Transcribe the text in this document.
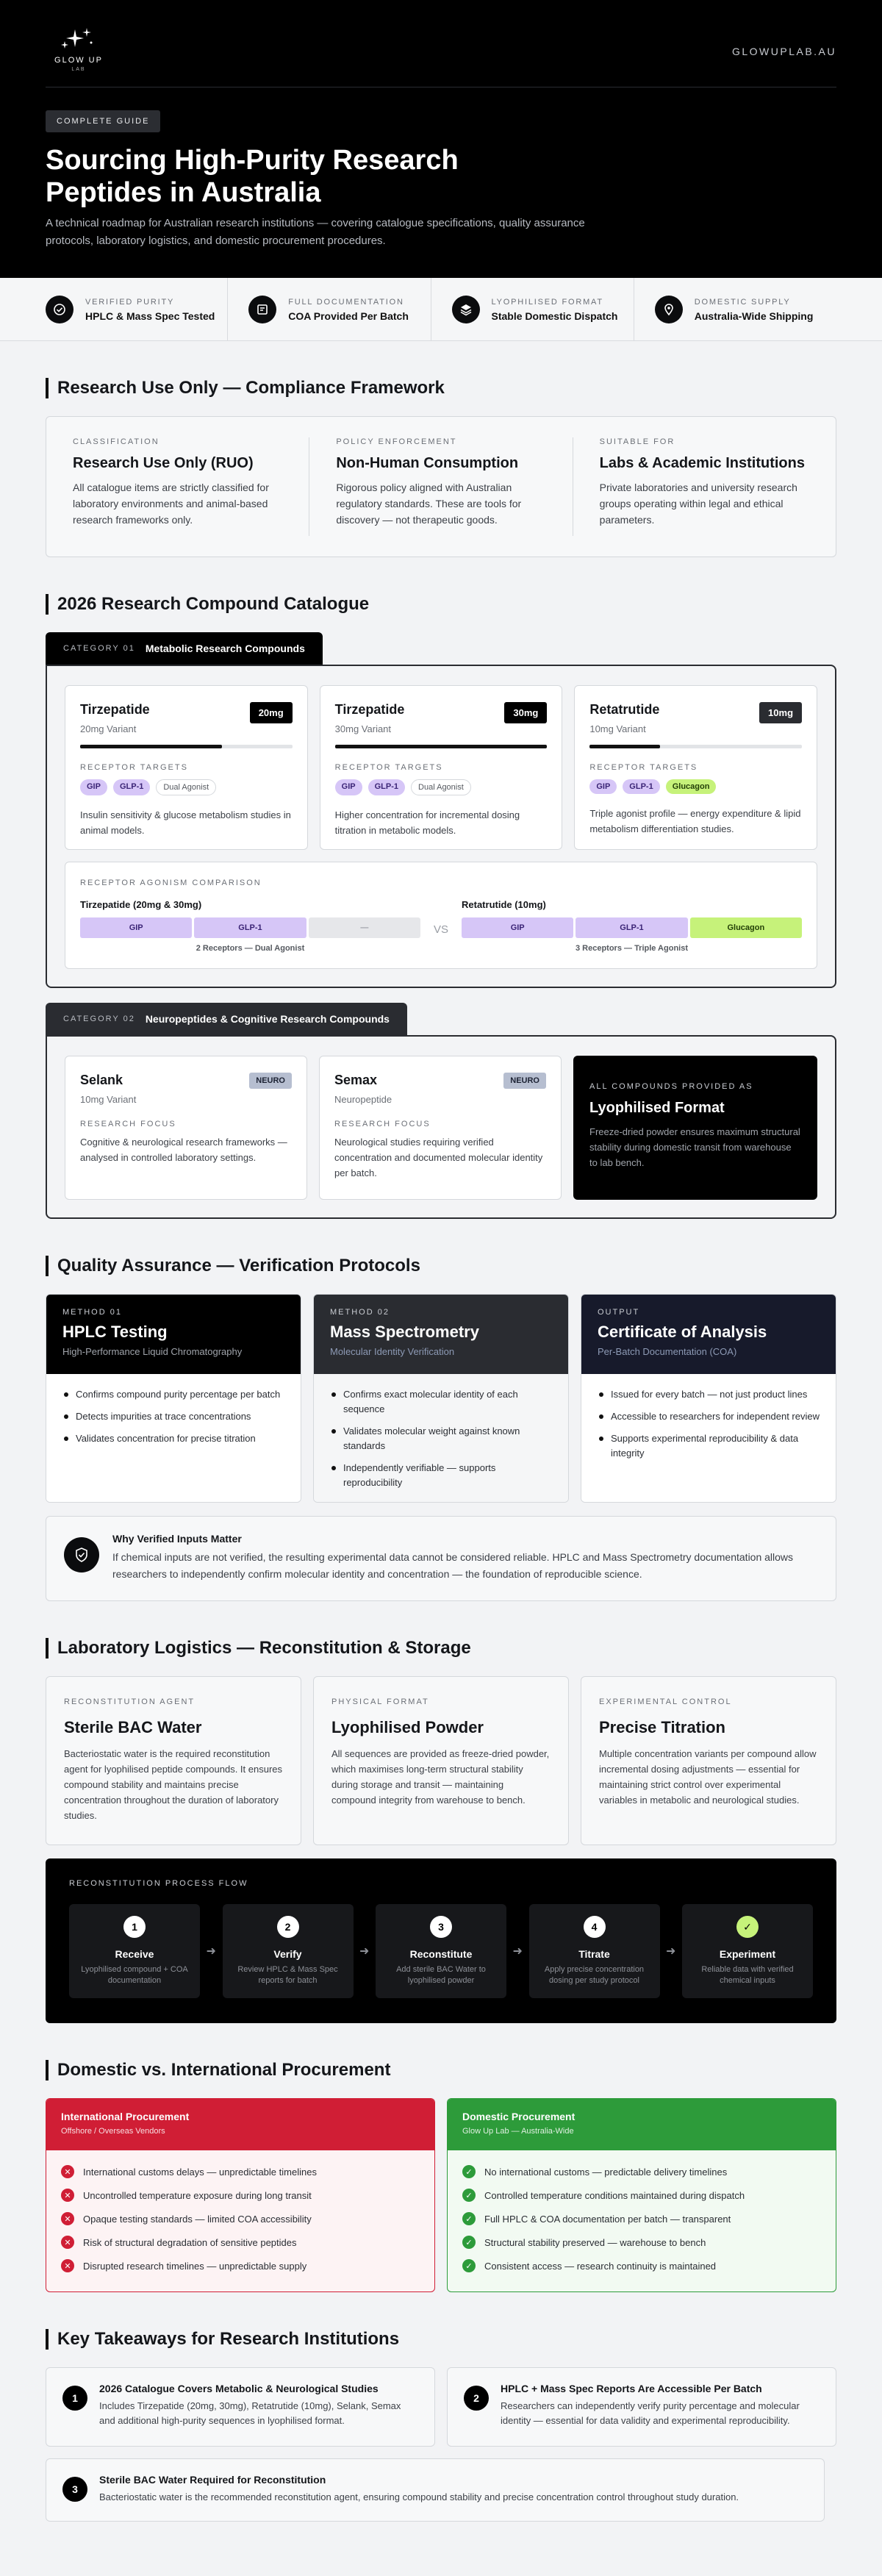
GLOW UP
LAB
GLOWUPLAB.AU
COMPLETE GUIDE
Sourcing High-Purity Research Peptides in Australia

A technical roadmap for Australian research institutions — covering catalogue specifications, quality assurance protocols, laboratory logistics, and domestic procurement procedures.

VERIFIED PURITY
HPLC & Mass Spec Tested
FULL DOCUMENTATION
COA Provided Per Batch
LYOPHILISED FORMAT
Stable Domestic Dispatch
DOMESTIC SUPPLY
Australia-Wide Shipping
Research Use Only — Compliance Framework
CLASSIFICATION
Research Use Only (RUO)
All catalogue items are strictly classified for laboratory environments and animal-based research frameworks only.
POLICY ENFORCEMENT
Non-Human Consumption
Rigorous policy aligned with Australian regulatory standards. These are tools for discovery — not therapeutic goods.
SUITABLE FOR
Labs & Academic Institutions
Private laboratories and university research groups operating within legal and ethical parameters.
2026 Research Compound Catalogue
CATEGORY 01 Metabolic Research Compounds
Tirzepatide
20mg Variant
20mg
RECEPTOR TARGETS
GIP	GLP-1	Dual Agonist
Insulin sensitivity & glucose metabolism studies in animal models.
Tirzepatide
30mg Variant
30mg
RECEPTOR TARGETS
GIP	GLP-1	Dual Agonist
Higher concentration for incremental dosing titration in metabolic models.
Retatrutide
10mg Variant
10mg
RECEPTOR TARGETS
GIP	GLP-1	Glucagon
Triple agonist profile — energy expenditure & lipid metabolism differentiation studies.
RECEPTOR AGONISM COMPARISON
Tirzepatide (20mg & 30mg)
GIP	GLP-1	—
2 Receptors — Dual Agonist
VS
Retatrutide (10mg)
GIP	GLP-1	Glucagon
3 Receptors — Triple Agonist
CATEGORY 02 Neuropeptides & Cognitive Research Compounds
Selank
10mg Variant
NEURO
RESEARCH FOCUS
Cognitive & neurological research frameworks — analysed in controlled laboratory settings.
Semax
Neuropeptide
NEURO
RESEARCH FOCUS
Neurological studies requiring verified concentration and documented molecular identity per batch.
ALL COMPOUNDS PROVIDED AS
Lyophilised Format
Freeze-dried powder ensures maximum structural stability during domestic transit from warehouse to lab bench.
Quality Assurance — Verification Protocols
METHOD 01
HPLC Testing
High-Performance Liquid Chromatography
Confirms compound purity percentage per batch
Detects impurities at trace concentrations
Validates concentration for precise titration
METHOD 02
Mass Spectrometry
Molecular Identity Verification
Confirms exact molecular identity of each sequence
Validates molecular weight against known standards
Independently verifiable — supports reproducibility
OUTPUT
Certificate of Analysis
Per-Batch Documentation (COA)
Issued for every batch — not just product lines
Accessible to researchers for independent review
Supports experimental reproducibility & data integrity
Why Verified Inputs Matter
If chemical inputs are not verified, the resulting experimental data cannot be considered reliable. HPLC and Mass Spectrometry documentation allows researchers to independently confirm molecular identity and concentration — the foundation of reproducible science.
Laboratory Logistics — Reconstitution & Storage
RECONSTITUTION AGENT
Sterile BAC Water
Bacteriostatic water is the required reconstitution agent for lyophilised peptide compounds. It ensures compound stability and maintains precise concentration throughout the duration of laboratory studies.
PHYSICAL FORMAT
Lyophilised Powder
All sequences are provided as freeze-dried powder, which maximises long-term structural stability during storage and transit — maintaining compound integrity from warehouse to bench.
EXPERIMENTAL CONTROL
Precise Titration
Multiple concentration variants per compound allow incremental dosing adjustments — essential for maintaining strict control over experimental variables in metabolic and neurological studies.
RECONSTITUTION PROCESS FLOW
1
Receive
Lyophilised compound + COA documentation
➜
2
Verify
Review HPLC & Mass Spec reports for batch
➜
3
Reconstitute
Add sterile BAC Water to lyophilised powder
➜
4
Titrate
Apply precise concentration dosing per study protocol
➜
✓
Experiment
Reliable data with verified chemical inputs
Domestic vs. International Procurement
International Procurement
Offshore / Overseas Vendors
✕	International customs delays — unpredictable timelines
✕	Uncontrolled temperature exposure during long transit
✕	Opaque testing standards — limited COA accessibility
✕	Risk of structural degradation of sensitive peptides
✕	Disrupted research timelines — unpredictable supply
Domestic Procurement
Glow Up Lab — Australia-Wide
✓	No international customs — predictable delivery timelines
✓	Controlled temperature conditions maintained during dispatch
✓	Full HPLC & COA documentation per batch — transparent
✓	Structural stability preserved — warehouse to bench
✓	Consistent access — research continuity is maintained
Key Takeaways for Research Institutions
1
2026 Catalogue Covers Metabolic & Neurological Studies
Includes Tirzepatide (20mg, 30mg), Retatrutide (10mg), Selank, Semax and additional high-purity sequences in lyophilised format.
2
HPLC + Mass Spec Reports Are Accessible Per Batch
Researchers can independently verify purity percentage and molecular identity — essential for data validity and experimental reproducibility.
3
Sterile BAC Water Required for Reconstitution
Bacteriostatic water is the recommended reconstitution agent, ensuring compound stability and precise concentration control throughout study duration.
